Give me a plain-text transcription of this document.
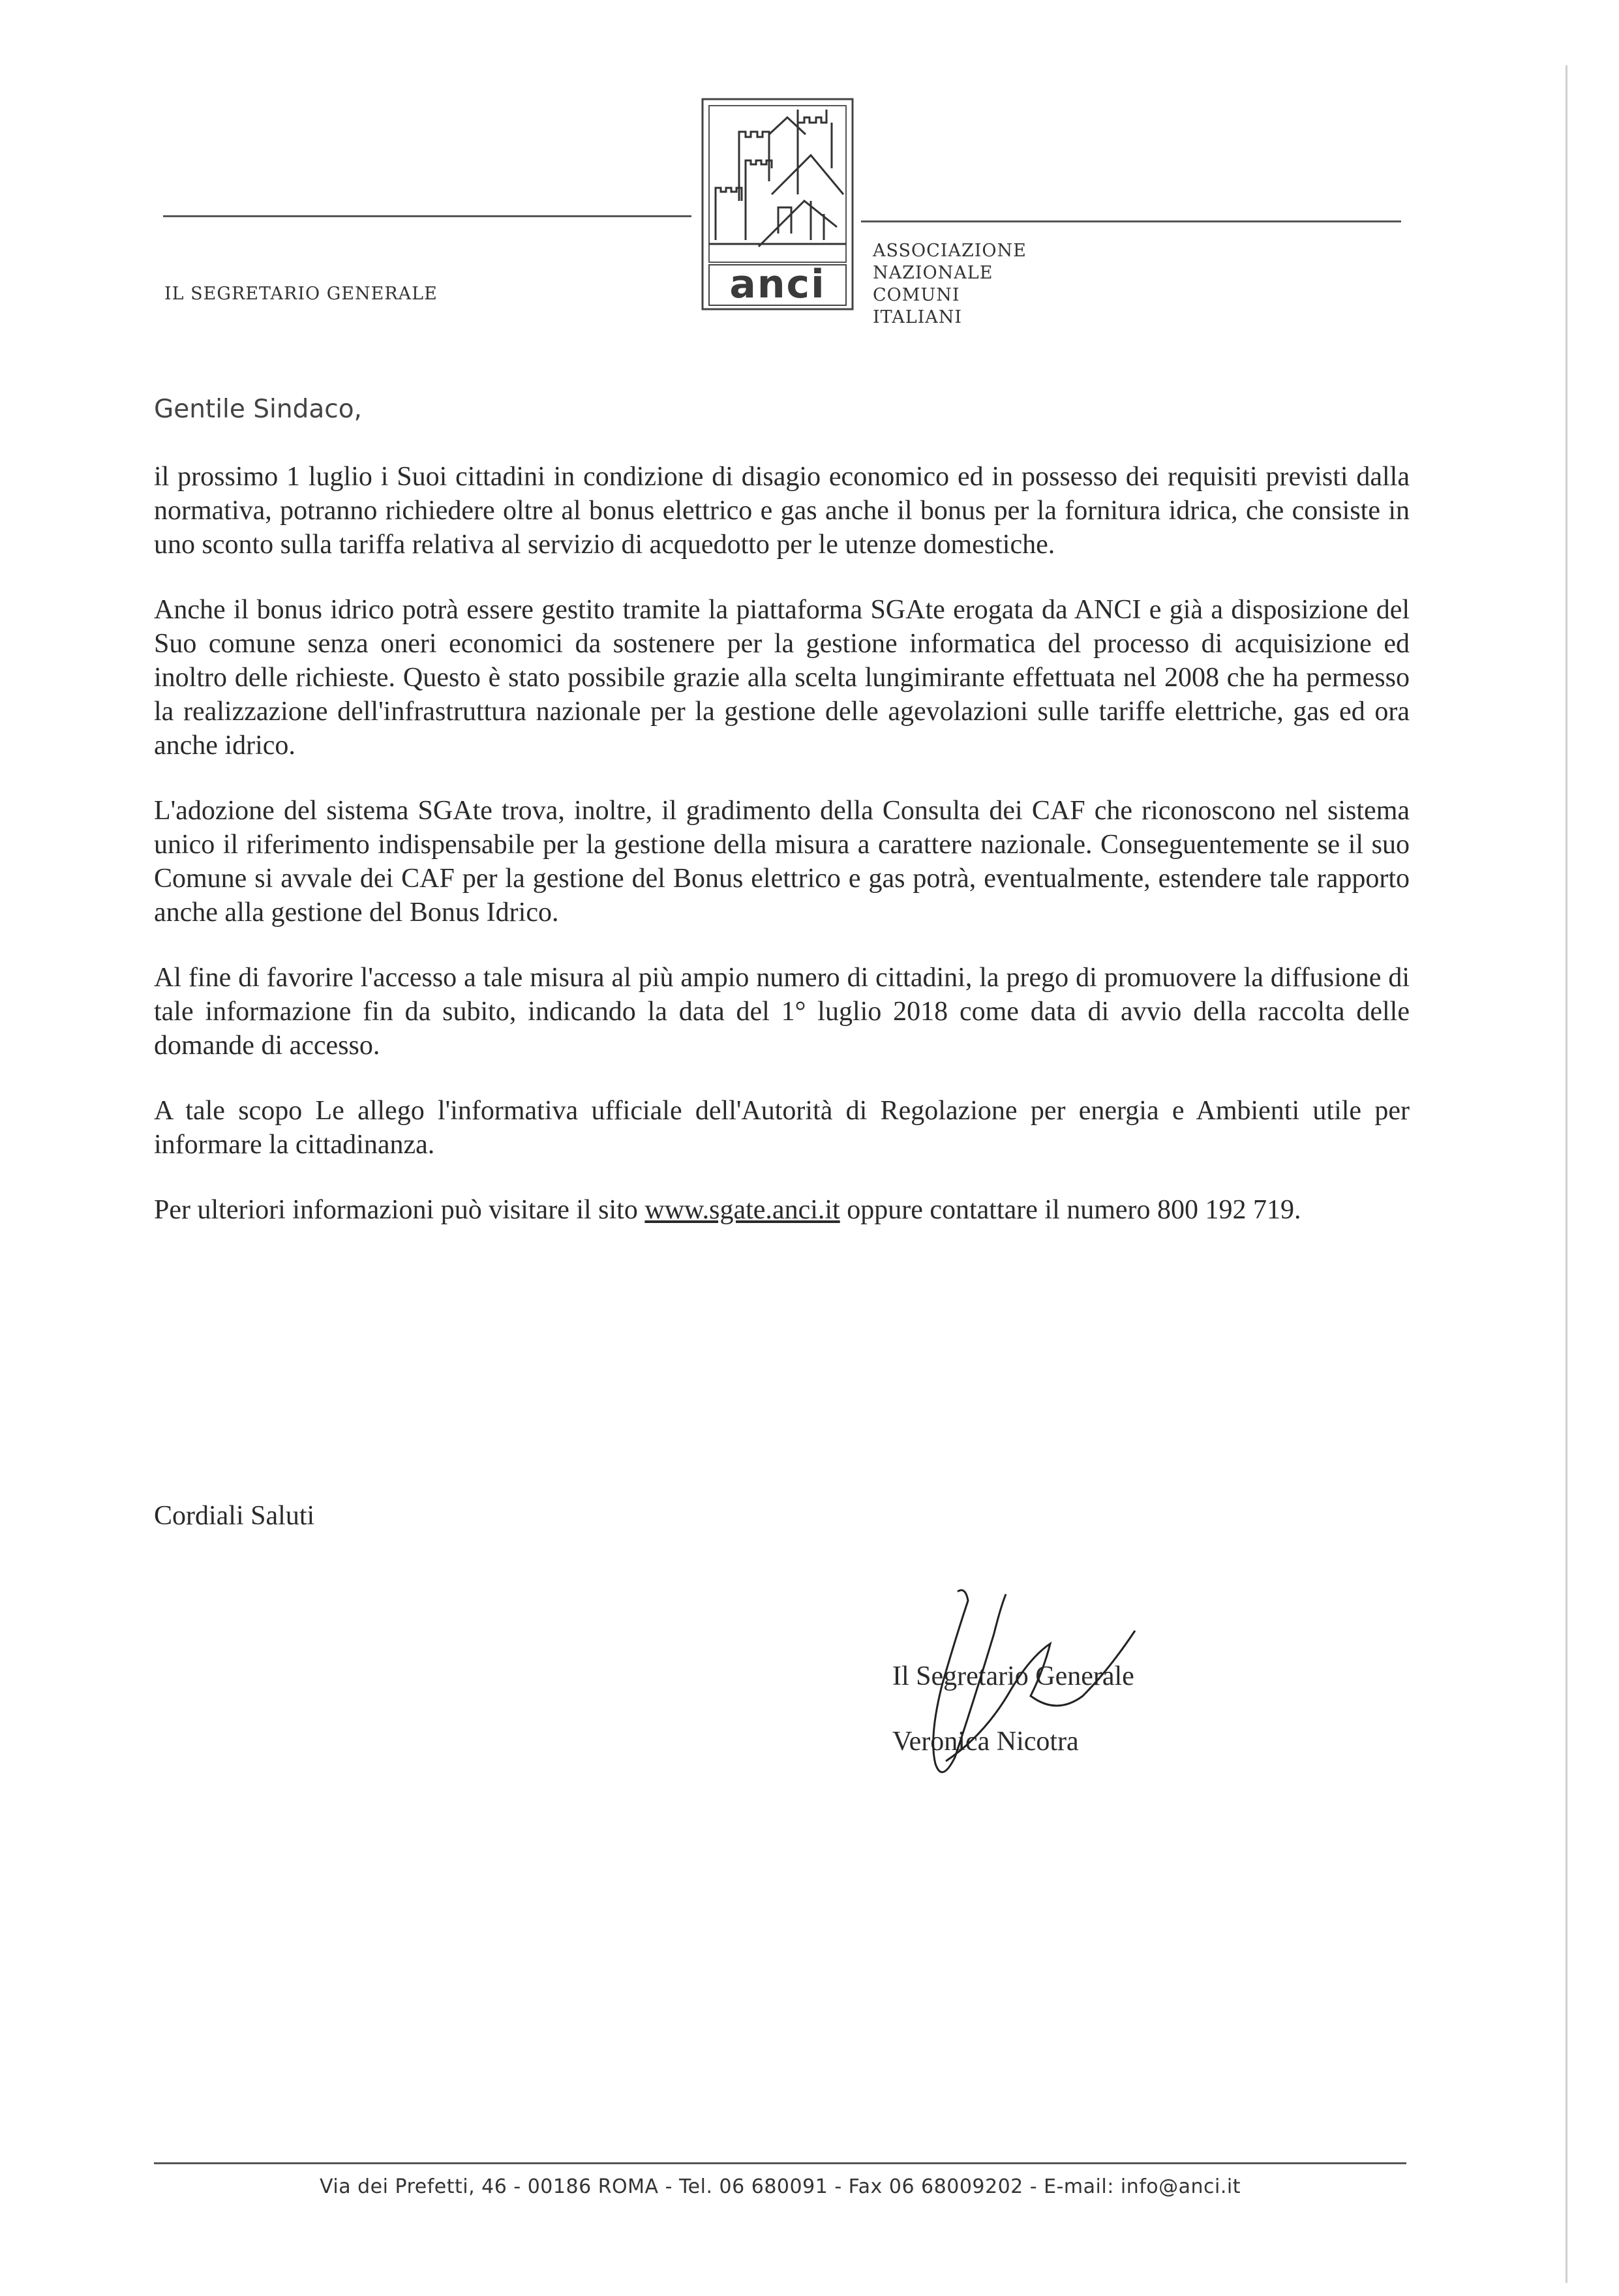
IL SEGRETARIO GENERALE	anci
ASSOCIAZIONE
NAZIONALE
COMUNI
ITALIANI
Gentile Sindaco,

il prossimo 1 luglio i Suoi cittadini in condizione di disagio economico ed in possesso dei requisiti previsti dalla normativa, potranno richiedere oltre al bonus elettrico e gas anche il bonus per la fornitura idrica, che consiste in uno sconto sulla tariffa relativa al servizio di acquedotto per le utenze domestiche.

Anche il bonus idrico potrà essere gestito tramite la piattaforma SGAte erogata da ANCI e già a disposizione del Suo comune senza oneri economici da sostenere per la gestione informatica del processo di acquisizione ed inoltro delle richieste. Questo è stato possibile grazie alla scelta lungimirante effettuata nel 2008 che ha permesso la realizzazione dell'infrastruttura nazionale per la gestione delle agevolazioni sulle tariffe elettriche, gas ed ora anche idrico.

L'adozione del sistema SGAte trova, inoltre, il gradimento della Consulta dei CAF che riconoscono nel sistema unico il riferimento indispensabile per la gestione della misura a carattere nazionale. Conseguentemente se il suo Comune si avvale dei CAF per la gestione del Bonus elettrico e gas potrà, eventualmente, estendere tale rapporto anche alla gestione del Bonus Idrico.

Al fine di favorire l'accesso a tale misura al più ampio numero di cittadini, la prego di promuovere la diffusione di tale informazione fin da subito, indicando la data del 1° luglio 2018 come data di avvio della raccolta delle domande di accesso.

A tale scopo Le allego l'informativa ufficiale dell'Autorità di Regolazione per energia e Ambienti utile per informare la cittadinanza.

Per ulteriori informazioni può visitare il sito www.sgate.anci.it oppure contattare il numero 800 192 719.

Cordiali Saluti
Il Segretario Generale
Veronica Nicotra
Via dei Prefetti, 46 - 00186 ROMA - Tel. 06 680091 - Fax 06 68009202 - E-mail: info@anci.it
